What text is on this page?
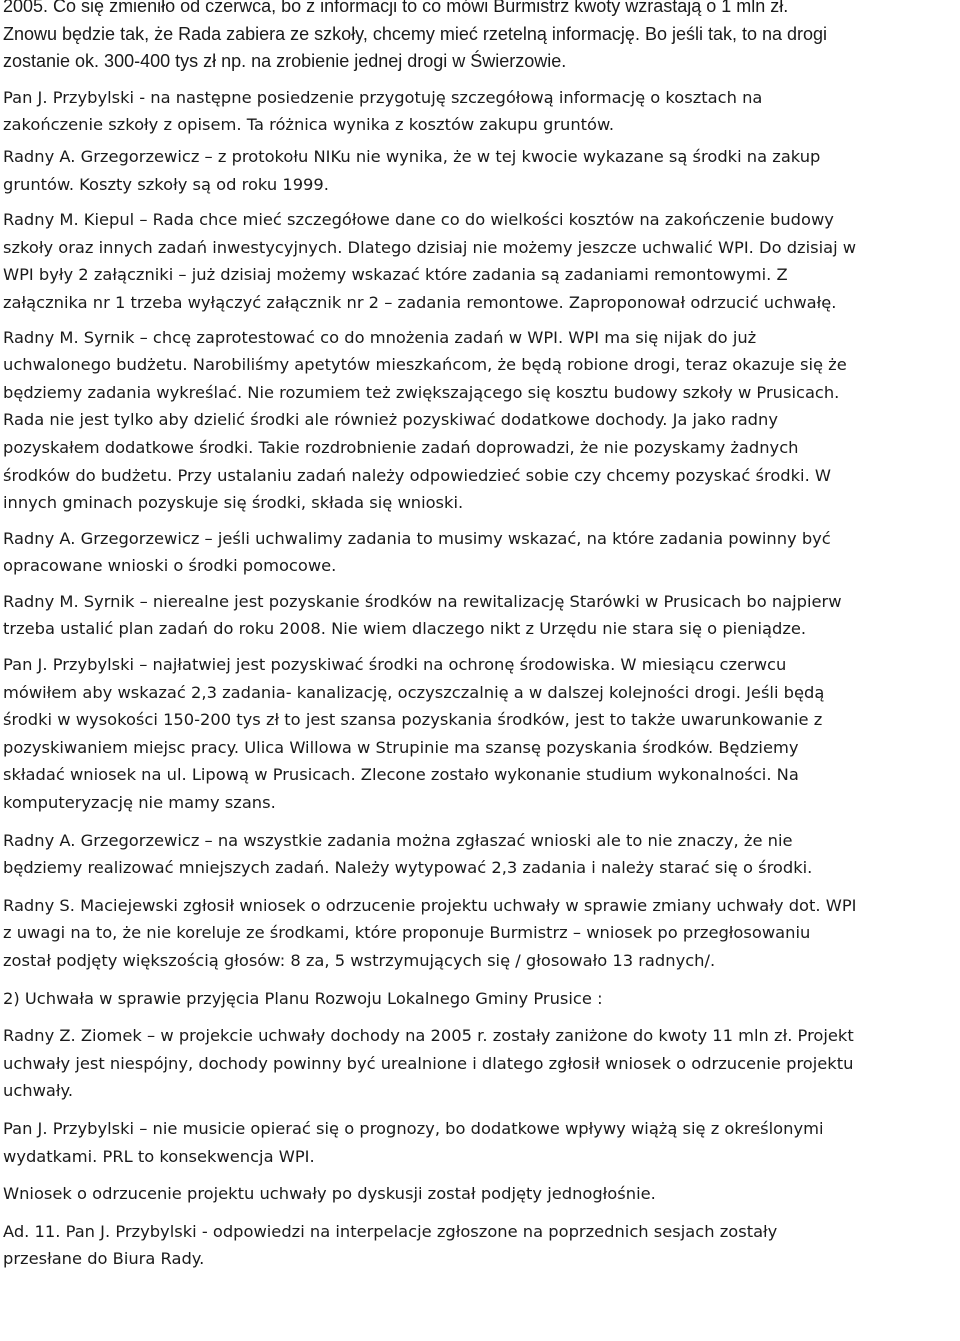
2005. Co się zmieniło od czerwca, bo z informacji to co mówi Burmistrz kwoty wzrastają o 1 mln zł.
Znowu będzie tak, że Rada zabiera ze szkoły, chcemy mieć rzetelną informację. Bo jeśli tak, to na drogi
zostanie ok. 300-400 tys zł np. na zrobienie jednej drogi w Świerzowie.
Pan J. Przybylski - na następne posiedzenie przygotuję szczegółową informację o kosztach na
zakończenie szkoły z opisem. Ta różnica wynika z kosztów zakupu gruntów.
Radny A. Grzegorzewicz – z protokołu NIKu nie wynika, że w tej kwocie wykazane są środki na zakup
gruntów. Koszty szkoły są od roku 1999.
Radny M. Kiepul – Rada chce mieć szczegółowe dane co do wielkości kosztów na zakończenie budowy
szkoły oraz innych zadań inwestycyjnych. Dlatego dzisiaj nie możemy jeszcze uchwalić WPI. Do dzisiaj w
WPI były 2 załączniki – już dzisiaj możemy wskazać które zadania są zadaniami remontowymi. Z
załącznika nr 1 trzeba wyłączyć załącznik nr 2 – zadania remontowe. Zaproponował odrzucić uchwałę.
Radny M. Syrnik – chcę zaprotestować co do mnożenia zadań w WPI. WPI ma się nijak do już
uchwalonego budżetu. Narobiliśmy apetytów mieszkańcom, że będą robione drogi, teraz okazuje się że
będziemy zadania wykreślać. Nie rozumiem też zwiększającego się kosztu budowy szkoły w Prusicach.
Rada nie jest tylko aby dzielić środki ale również pozyskiwać dodatkowe dochody. Ja jako radny
pozyskałem dodatkowe środki. Takie rozdrobnienie zadań doprowadzi, że nie pozyskamy żadnych
środków do budżetu. Przy ustalaniu zadań należy odpowiedzieć sobie czy chcemy pozyskać środki. W
innych gminach pozyskuje się środki, składa się wnioski.
Radny A. Grzegorzewicz – jeśli uchwalimy zadania to musimy wskazać, na które zadania powinny być
opracowane wnioski o środki pomocowe.
Radny M. Syrnik – nierealne jest pozyskanie środków na rewitalizację Starówki w Prusicach bo najpierw
trzeba ustalić plan zadań do roku 2008. Nie wiem dlaczego nikt z Urzędu nie stara się o pieniądze.
Pan J. Przybylski – najłatwiej jest pozyskiwać środki na ochronę środowiska. W miesiącu czerwcu
mówiłem aby wskazać 2,3 zadania- kanalizację, oczyszczalnię a w dalszej kolejności drogi. Jeśli będą
środki w wysokości 150-200 tys zł to jest szansa pozyskania środków, jest to także uwarunkowanie z
pozyskiwaniem miejsc pracy. Ulica Willowa w Strupinie ma szansę pozyskania środków. Będziemy
składać wniosek na ul. Lipową w Prusicach. Zlecone zostało wykonanie studium wykonalności. Na
komputeryzację nie mamy szans.
Radny A. Grzegorzewicz – na wszystkie zadania można zgłaszać wnioski ale to nie znaczy, że nie
będziemy realizować mniejszych zadań. Należy wytypować 2,3 zadania i należy starać się o środki.
Radny S. Maciejewski zgłosił wniosek o odrzucenie projektu uchwały w sprawie zmiany uchwały dot. WPI
z uwagi na to, że nie koreluje ze środkami, które proponuje Burmistrz – wniosek po przegłosowaniu
został podjęty większością głosów: 8 za, 5 wstrzymujących się / głosowało 13 radnych/.
2) Uchwała w sprawie przyjęcia Planu Rozwoju Lokalnego Gminy Prusice :
Radny Z. Ziomek – w projekcie uchwały dochody na 2005 r. zostały zaniżone do kwoty 11 mln zł. Projekt
uchwały jest niespójny, dochody powinny być urealnione i dlatego zgłosił wniosek o odrzucenie projektu
uchwały.
Pan J. Przybylski – nie musicie opierać się o prognozy, bo dodatkowe wpływy wiążą się z określonymi
wydatkami. PRL to konsekwencja WPI.
Wniosek o odrzucenie projektu uchwały po dyskusji został podjęty jednogłośnie.
Ad. 11. Pan J. Przybylski - odpowiedzi na interpelacje zgłoszone na poprzednich sesjach zostały
przesłane do Biura Rady.
